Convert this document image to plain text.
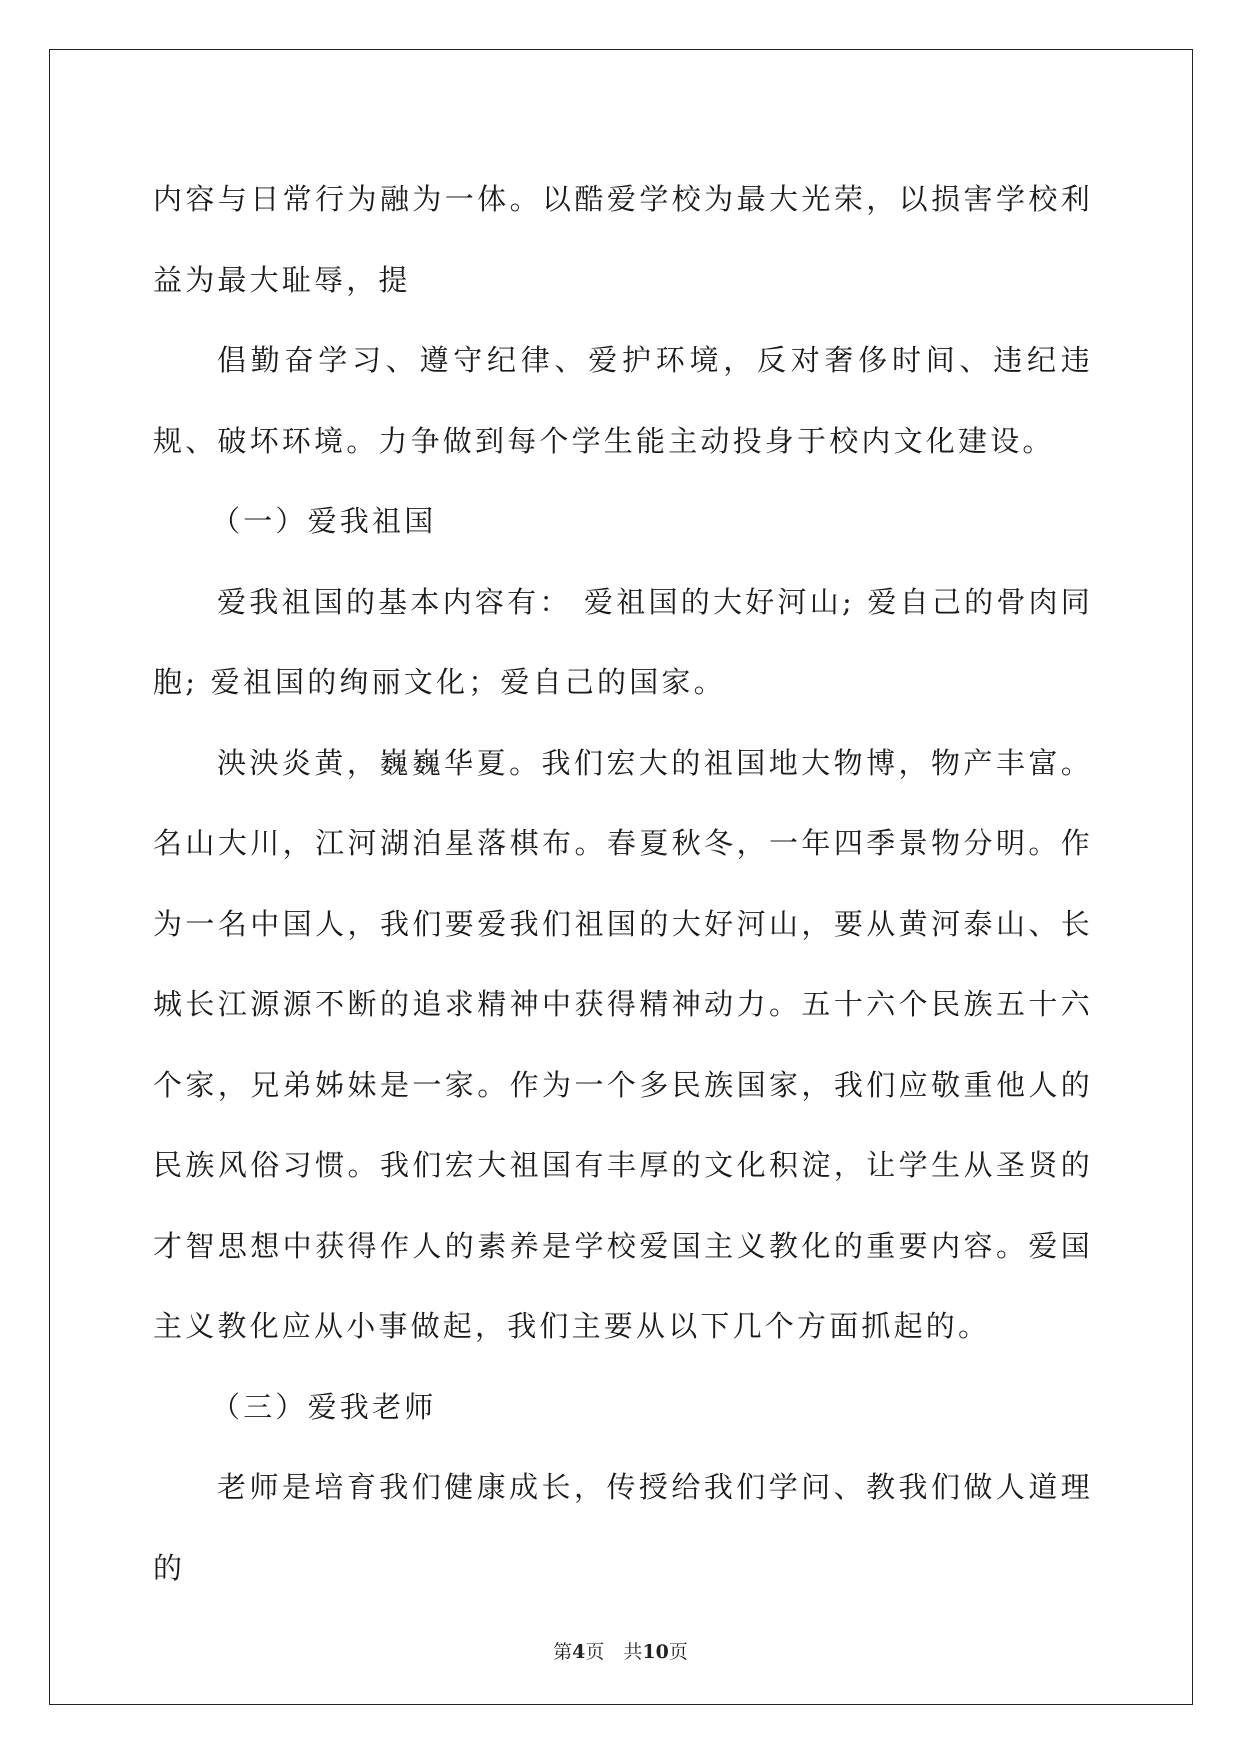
内容与日常行为融为一体。以酷爱学校为最大光荣，以损害学校利益为最大耻辱，提

倡勤奋学习、遵守纪律、爱护环境，反对奢侈时间、违纪违规、破坏环境。力争做到每个学生能主动投身于校内文化建设。

（一）爱我祖国

爱我祖国的基本内容有： 爱祖国的大好河山; 爱自己的骨肉同胞; 爱祖国的绚丽文化；爱自己的国家。

泱泱炎黄，巍巍华夏。我们宏大的祖国地大物博，物产丰富。名山大川，江河湖泊星落棋布。春夏秋冬，一年四季景物分明。作为一名中国人，我们要爱我们祖国的大好河山，要从黄河泰山、长城长江源源不断的追求精神中获得精神动力。五十六个民族五十六个家，兄弟姊妹是一家。作为一个多民族国家，我们应敬重他人的民族风俗习惯。我们宏大祖国有丰厚的文化积淀，让学生从圣贤的才智思想中获得作人的素养是学校爱国主义教化的重要内容。爱国主义教化应从小事做起，我们主要从以下几个方面抓起的。

（三）爱我老师

老师是培育我们健康成长，传授给我们学问、教我们做人道理的

第4页　共10页
